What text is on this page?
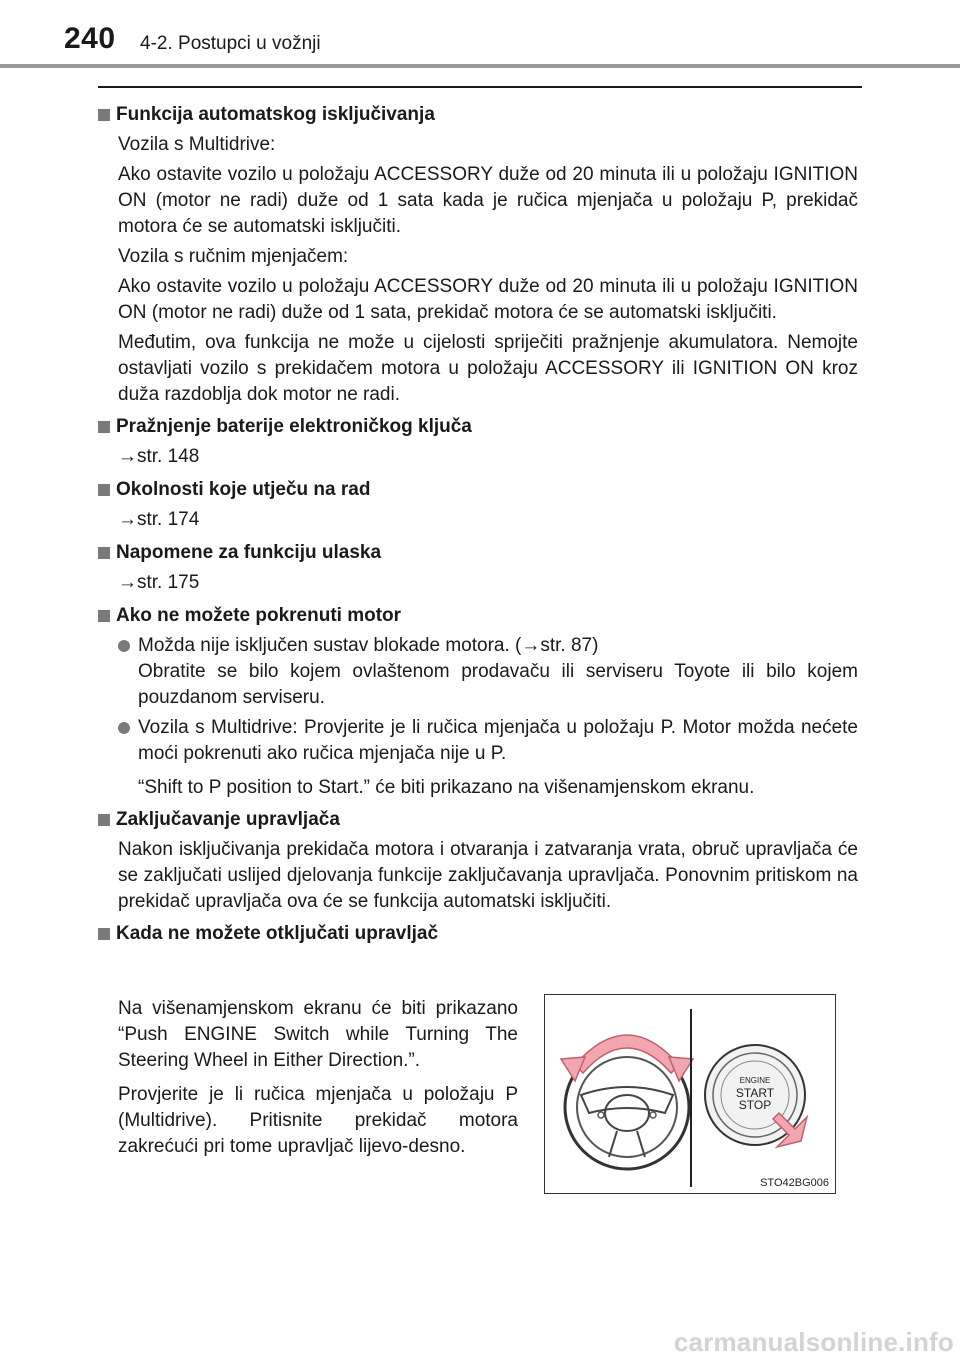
240 4-2. Postupci u vožnji
Funkcija automatskog isključivanja
Vozila s Multidrive:
Ako ostavite vozilo u položaju ACCESSORY duže od 20 minuta ili u položaju IGNITION ON (motor ne radi) duže od 1 sata kada je ručica mjenjača u položaju P, prekidač motora će se automatski isključiti.
Vozila s ručnim mjenjačem:
Ako ostavite vozilo u položaju ACCESSORY duže od 20 minuta ili u položaju IGNITION ON (motor ne radi) duže od 1 sata, prekidač motora će se automatski isključiti.
Međutim, ova funkcija ne može u cijelosti spriječiti pražnjenje akumulatora. Nemojte ostavljati vozilo s prekidačem motora u položaju ACCESSORY ili IGNITION ON kroz duža razdoblja dok motor ne radi.
Pražnjenje baterije elektroničkog ključa
→str. 148
Okolnosti koje utječu na rad
→str. 174
Napomene za funkciju ulaska
→str. 175
Ako ne možete pokrenuti motor
Možda nije isključen sustav blokade motora. (→str. 87)
Obratite se bilo kojem ovlaštenom prodavaču ili serviseru Toyote ili bilo kojem pouzdanom serviseru.
Vozila s Multidrive: Provjerite je li ručica mjenjača u položaju P. Motor možda nećete moći pokrenuti ako ručica mjenjača nije u P.
“Shift to P position to Start.” će biti prikazano na višenamjenskom ekranu.
Zaključavanje upravljača
Nakon isključivanja prekidača motora i otvaranja i zatvaranja vrata, obruč upravljača će se zaključati uslijed djelovanja funkcije zaključavanja upravljača. Ponovnim pritiskom na prekidač upravljača ova će se funkcija automatski isključiti.
Kada ne možete otključati upravljač
Na višenamjenskom ekranu će biti prikazano “Push ENGINE Switch while Turning The Steering Wheel in Either Direction.”.
Provjerite je li ručica mjenjača u položaju P (Multidrive). Pritisnite prekidač motora zakrećući pri tome upravljač lijevo-desno.
ENGINE
START
STOP
STO42BG006
carmanualsonline.info
